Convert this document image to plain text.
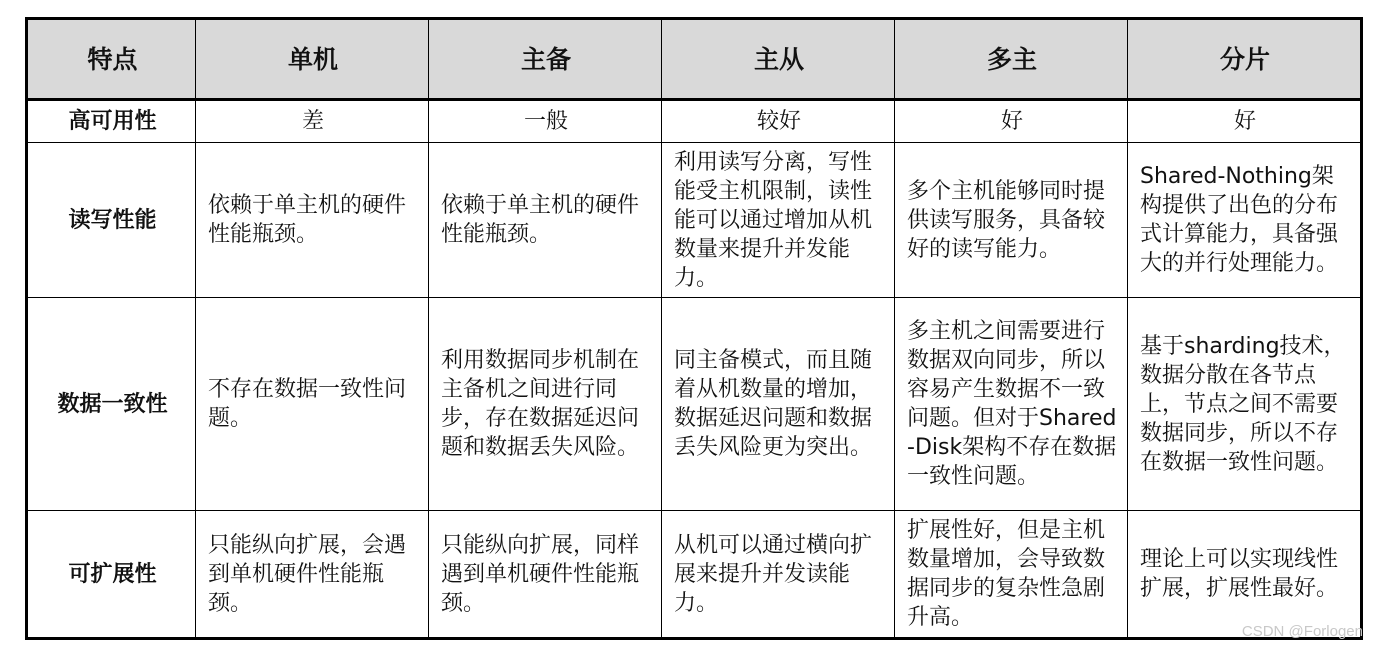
特点	单机	主备	主从	多主	分片
高可用性	差	一般	较好	好	好
读写性能	依赖于单主机的硬件性能瓶颈。	依赖于单主机的硬件性能瓶颈。	利用读写分离，写性能受主机限制，读性能可以通过增加从机数量来提升并发能力。	多个主机能够同时提供读写服务，具备较好的读写能力。	Shared-Nothing架构提供了出色的分布式计算能力，具备强大的并行处理能力。
数据一致性	不存在数据一致性问题。	利用数据同步机制在主备机之间进行同步，存在数据延迟问题和数据丢失风险。	同主备模式，而且随着从机数量的增加，数据延迟问题和数据丢失风险更为突出。	多主机之间需要进行数据双向同步，所以容易产生数据不一致问题。但对于Shared-Disk架构不存在数据一致性问题。	基于sharding技术，数据分散在各节点上，节点之间不需要数据同步，所以不存在数据一致性问题。
可扩展性	只能纵向扩展，会遇到单机硬件性能瓶颈。	只能纵向扩展，同样遇到单机硬件性能瓶颈。	从机可以通过横向扩展来提升并发读能力。	扩展性好，但是主机数量增加，会导致数据同步的复杂性急剧升高。	理论上可以实现线性扩展，扩展性最好。
CSDN @Forlogen
